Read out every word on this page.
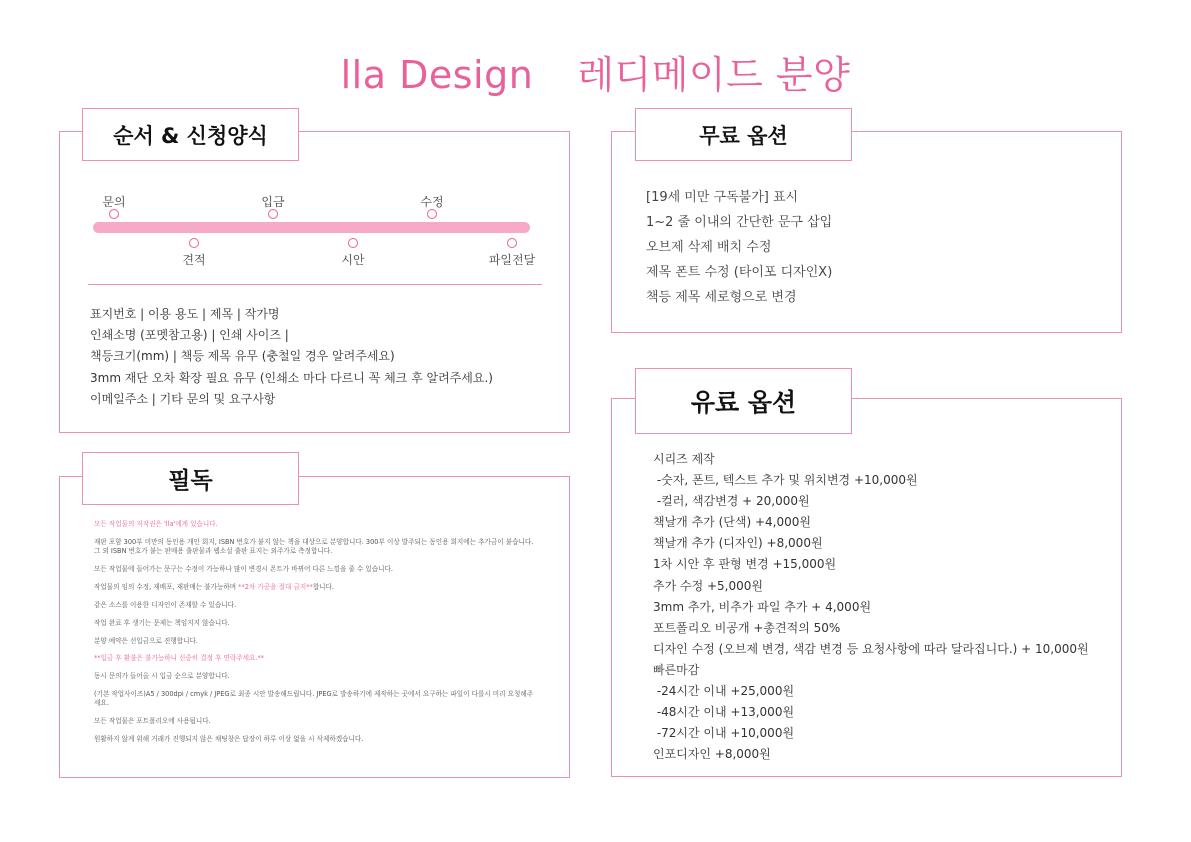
lla Design 레디메이드 분양
순서 & 신청양식
문의	입금	수정
견적	시안	파일전달
표지번호 | 이용 용도 | 제목 | 작가명
인쇄소명 (포멧참고용) | 인쇄 사이즈 |
책등크기(mm) | 책등 제목 유무 (충철일 경우 알려주세요)
3mm 재단 오차 확장 필요 유무 (인쇄소 마다 다르니 꼭 체크 후 알려주세요.)
이메일주소 | 기타 문의 및 요구사항
필독

모든 작업물의 저작권은 'lla'에게 있습니다.

재판 포함 300부 미만의 동인용 개인 회지, ISBN 번호가 붙지 않는 책을 대상으로 분양합니다. 300부 이상 발주되는 동인용 회지에는 추가금이 붙습니다. 그 외 ISBN 번호가 붙는 판매용 출판물과 웹소설 출판 표지는 외주가로 측정합니다.

모든 작업물에 들어가는 문구는 수정이 가능하나 많이 변경시 폰트가 바뀌어 다른 느낌을 줄 수 있습니다.

작업물의 임의 수정, 재배포, 재판매는 불가능하며 **2차 가공을 절대 금지**합니다.

같은 소스를 이용한 디자인이 존재할 수 있습니다.

작업 완료 후 생기는 문제는 책임지지 않습니다.

분양 예약은 선입금으로 진행합니다.

**입금 후 환불은 불가능하니 신중히 결정 후 연락주세요.**

동시 문의가 들어올 시 입금 순으로 분양합니다.

(기본 작업사이즈)A5 / 300dpi / cmyk / JPEG로 최종 시안 발송해드립니다. JPEG로 발송하기에 제작하는 곳에서 요구하는 파일이 다를시 미리 요청해주세요.

모든 작업물은 포트폴리오에 사용됩니다.

원활하지 않게 위해 거래가 진행되지 않은 채팅창은 답장이 하루 이상 없을 시 삭제하겠습니다.

무료 옵션
[19세 미만 구독불가] 표시
1~2 줄 이내의 간단한 문구 삽입
오브제 삭제 배치 수정
제목 폰트 수정 (타이포 디자인X)
책등 제목 세로형으로 변경
유료 옵션
시리즈 제작
-숫자, 폰트, 텍스트 추가 및 위치변경 +10,000원
-컬러, 색감변경 + 20,000원
책날개 추가 (단색) +4,000원
책날개 추가 (디자인) +8,000원
1차 시안 후 판형 변경 +15,000원
추가 수정 +5,000원
3mm 추가, 비추가 파일 추가 + 4,000원
포트폴리오 비공개 +총견적의 50%
디자인 수정 (오브제 변경, 색감 변경 등 요청사항에 따라 달라집니다.) + 10,000원
빠른마감
-24시간 이내 +25,000원
-48시간 이내 +13,000원
-72시간 이내 +10,000원
인포디자인 +8,000원
